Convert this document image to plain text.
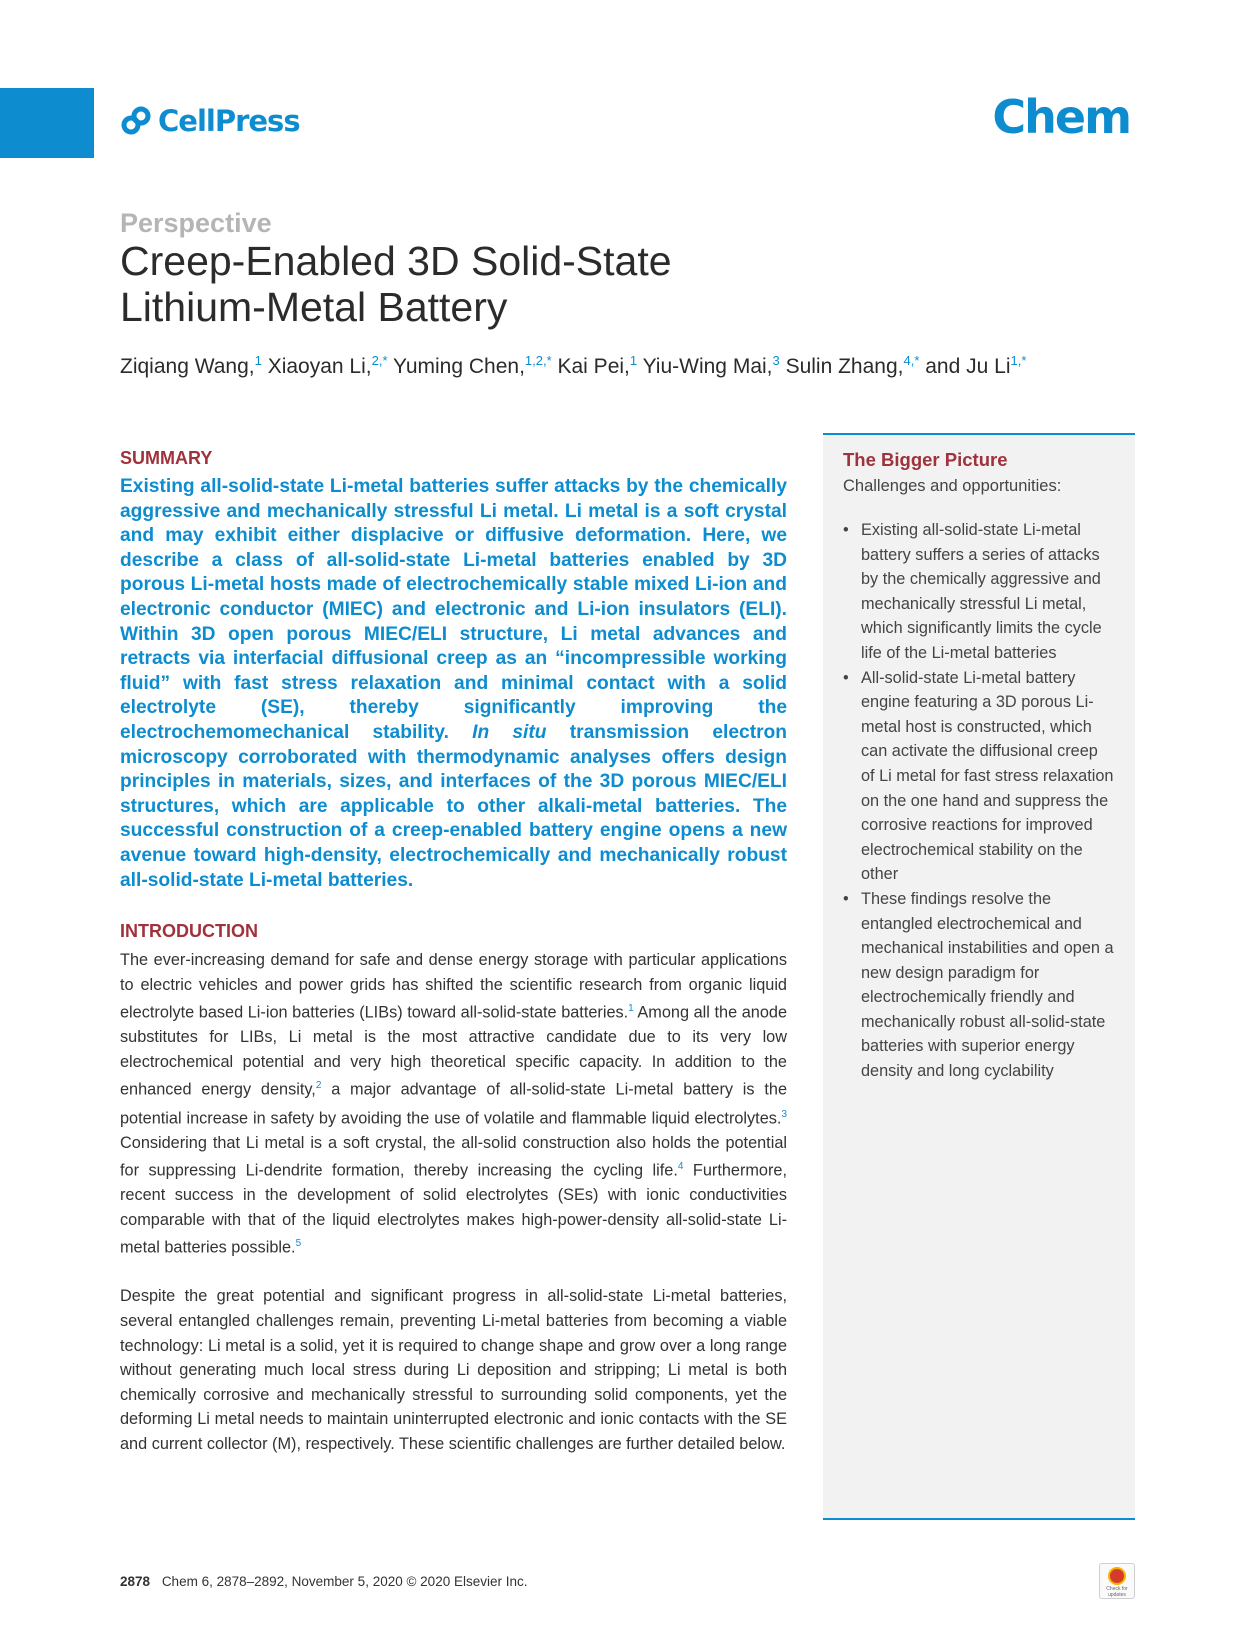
CellPress	Chem
Perspective
Creep-Enabled 3D Solid-State
Lithium-Metal Battery
Ziqiang Wang,$^1$ Xiaoyan Li,$^{2,*}$ Yuming Chen,$^{1,2,*}$ Kai Pei,$^1$ Yiu-Wing Mai,$^3$ Sulin Zhang,$^{4,*}$ and Ju $Li^{1,*}$
SUMMARY

Existing all-solid-state Li-metal batteries suffer attacks by the chemically aggressive and mechanically stressful Li metal. Li metal is a soft crystal and may exhibit either displacive or diffusive deformation. Here, we describe a class of all-solid-state Li-metal batteries enabled by 3D porous Li-metal hosts made of electrochemically stable mixed Li-ion and electronic conductor (MIEC) and electronic and Li-ion insulators (ELI). Within 3D open porous MIEC/ELI structure, Li metal advances and retracts via interfacial diffusional creep as an “incompressible working fluid” with fast stress relaxation and minimal contact with a solid electrolyte (SE), thereby significantly improving the electrochemomechanical stability. In situ transmission electron microscopy corroborated with thermodynamic analyses offers design principles in materials, sizes, and interfaces of the 3D porous MIEC/ELI structures, which are applicable to other alkali-metal batteries. The successful construction of a creep-enabled battery engine opens a new avenue toward high-density, electrochemically and mechanically robust all-solid-state Li-metal batteries.

INTRODUCTION

The ever-increasing demand for safe and dense energy storage with particular applications to electric vehicles and power grids has shifted the scientific research from organic liquid electrolyte based Li-ion batteries (LIBs) toward all-solid-state batteries.$^1$ Among all the anode substitutes for LIBs, Li metal is the most attractive candidate due to its very low electrochemical potential and very high theoretical specific capacity. In addition to the enhanced energy density,$^2$ a major advantage of all-solid-state Li-metal battery is the potential increase in safety by avoiding the use of volatile and flammable liquid electrolytes.$^3$ Considering that Li metal is a soft crystal, the all-solid construction also holds the potential for suppressing Li-dendrite formation, thereby increasing the cycling life.$^4$ Furthermore, recent success in the development of solid electrolytes (SEs) with ionic conductivities comparable with that of the liquid electrolytes makes high-power-density all-solid-state Li-metal batteries possible.$^5$

Despite the great potential and significant progress in all-solid-state Li-metal batteries, several entangled challenges remain, preventing Li-metal batteries from becoming a viable technology: Li metal is a solid, yet it is required to change shape and grow over a long range without generating much local stress during Li deposition and stripping; Li metal is both chemically corrosive and mechanically stressful to surrounding solid components, yet the deforming Li metal needs to maintain uninterrupted electronic and ionic contacts with the SE and current collector (M), respectively. These scientific challenges are further detailed below.

The Bigger Picture
Challenges and opportunities:
• Existing all-solid-state Li-metal battery suffers a series of attacks by the chemically aggressive and mechanically stressful Li metal, which significantly limits the cycle life of the Li-metal batteries
• All-solid-state Li-metal battery engine featuring a 3D porous Li-metal host is constructed, which can activate the diffusional creep of Li metal for fast stress relaxation on the one hand and suppress the corrosive reactions for improved electrochemical stability on the other
• These findings resolve the entangled electrochemical and mechanical instabilities and open a new design paradigm for electrochemically friendly and mechanically robust all-solid-state batteries with superior energy density and long cyclability
2878 Chem 6, 2878–2892, November 5, 2020 © 2020 Elsevier Inc.	Check for updates
